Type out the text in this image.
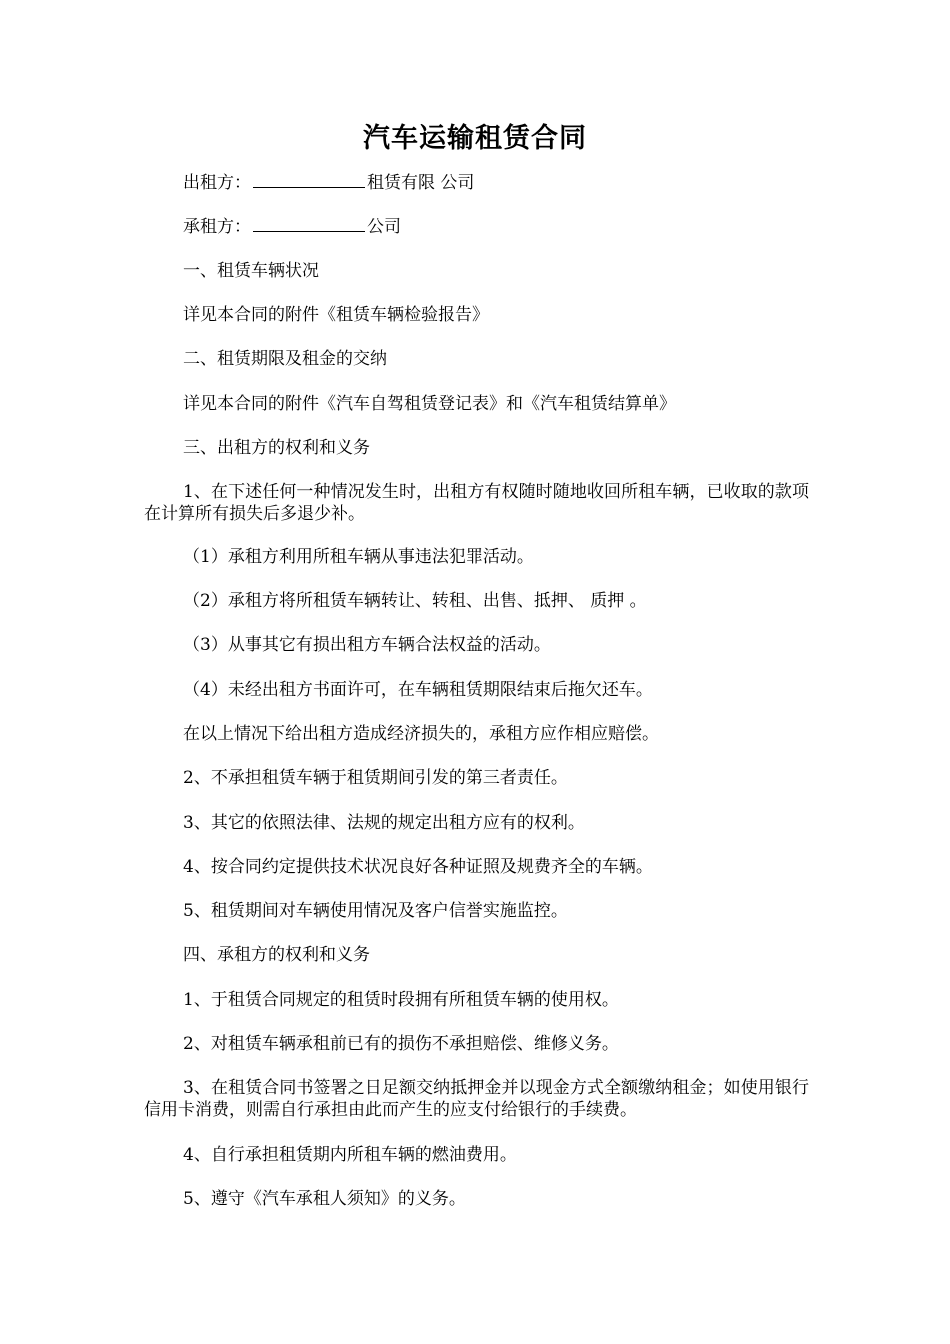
汽车运输租赁合同
出租方：	租赁有限 公司
承租方：	公司
一、租赁车辆状况
详见本合同的附件《租赁车辆检验报告》
二、租赁期限及租金的交纳
详见本合同的附件《汽车自驾租赁登记表》和《汽车租赁结算单》
三、出租方的权利和义务
1、在下述任何一种情况发生时，出租方有权随时随地收回所租车辆，已收取的款项在计算所有损失后多退少补。
（1）承租方利用所租车辆从事违法犯罪活动。
（2）承租方将所租赁车辆转让、转租、出售、抵押、 质押 。
（3）从事其它有损出租方车辆合法权益的活动。
（4）未经出租方书面许可，在车辆租赁期限结束后拖欠还车。
在以上情况下给出租方造成经济损失的，承租方应作相应赔偿。
2、不承担租赁车辆于租赁期间引发的第三者责任。
3、其它的依照法律、法规的规定出租方应有的权利。
4、按合同约定提供技术状况良好各种证照及规费齐全的车辆。
5、租赁期间对车辆使用情况及客户信誉实施监控。
四、承租方的权利和义务
1、于租赁合同规定的租赁时段拥有所租赁车辆的使用权。
2、对租赁车辆承租前已有的损伤不承担赔偿、维修义务。
3、在租赁合同书签署之日足额交纳抵押金并以现金方式全额缴纳租金；如使用银行信用卡消费，则需自行承担由此而产生的应支付给银行的手续费。
4、自行承担租赁期内所租车辆的燃油费用。
5、遵守《汽车承租人须知》的义务。
